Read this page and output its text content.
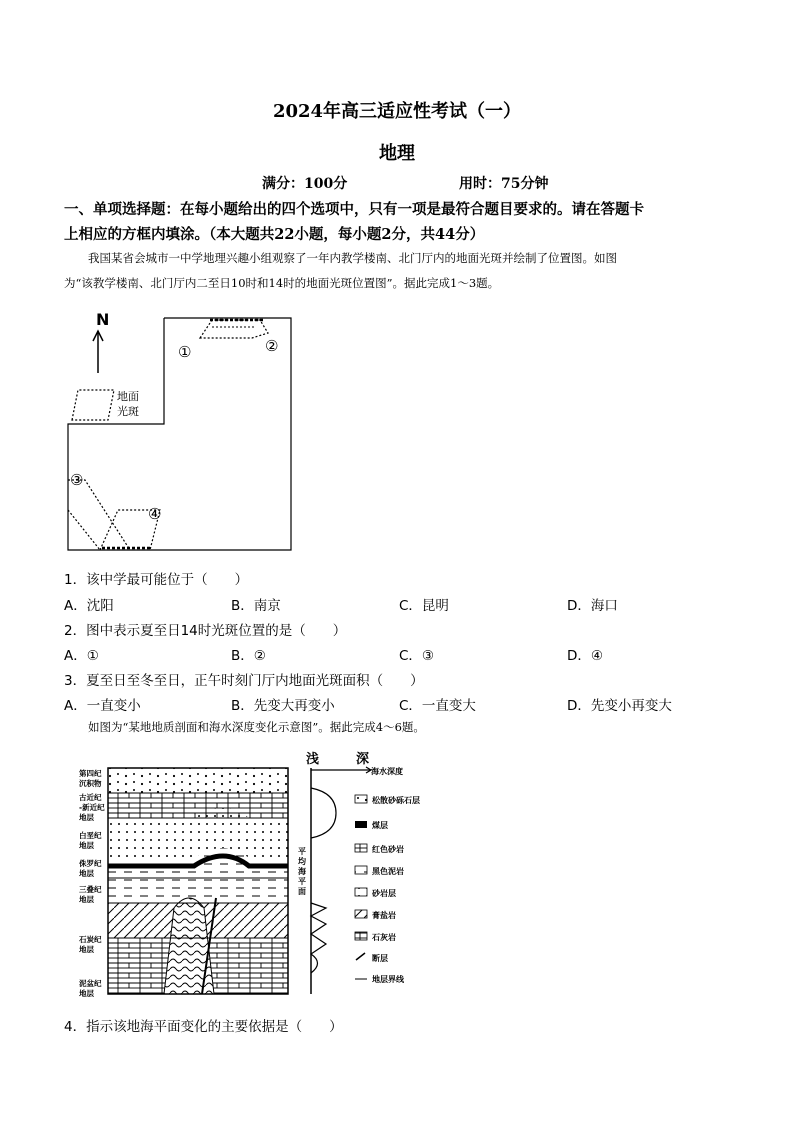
2024年高三适应性考试（一）
地理
满分：100分	用时：75分钟
一、单项选择题：在每小题给出的四个选项中，只有一项是最符合题目要求的。请在答题卡
上相应的方框内填涂。（本大题共22小题，每小题2分，共44分）
我国某省会城市一中学地理兴趣小组观察了一年内教学楼南、北门厅内的地面光斑并绘制了位置图。如图
为“该教学楼南、北门厅内二至日10时和14时的地面光斑位置图”。据此完成1～3题。
N
地面
光斑
①	②
③
④
1．该中学最可能位于（　　）
A．沈阳	B．南京	C．昆明	D．海口
2．图中表示夏至日14时光斑位置的是（　　）
A．①	B．②	C．③	D．④
3．夏至日至冬至日，正午时刻门厅内地面光斑面积（　　）
A．一直变小	B．先变大再变小	C．一直变大	D．先变小再变大
如图为“某地地质剖面和海水深度变化示意图”。据此完成4～6题。
第四纪
沉积物
古近纪
-新近纪
地层
白垩纪
地层
侏罗纪
地层
三叠纪
地层
石炭纪
地层
泥盆纪
地层
浅	深
海水深度
平
均
海
平
面
松散砂砾石层
煤层
红色砂岩
黑色泥岩
砂岩层
膏盐岩
石灰岩
断层
地层界线
4．指示该地海平面变化的主要依据是（　　）
